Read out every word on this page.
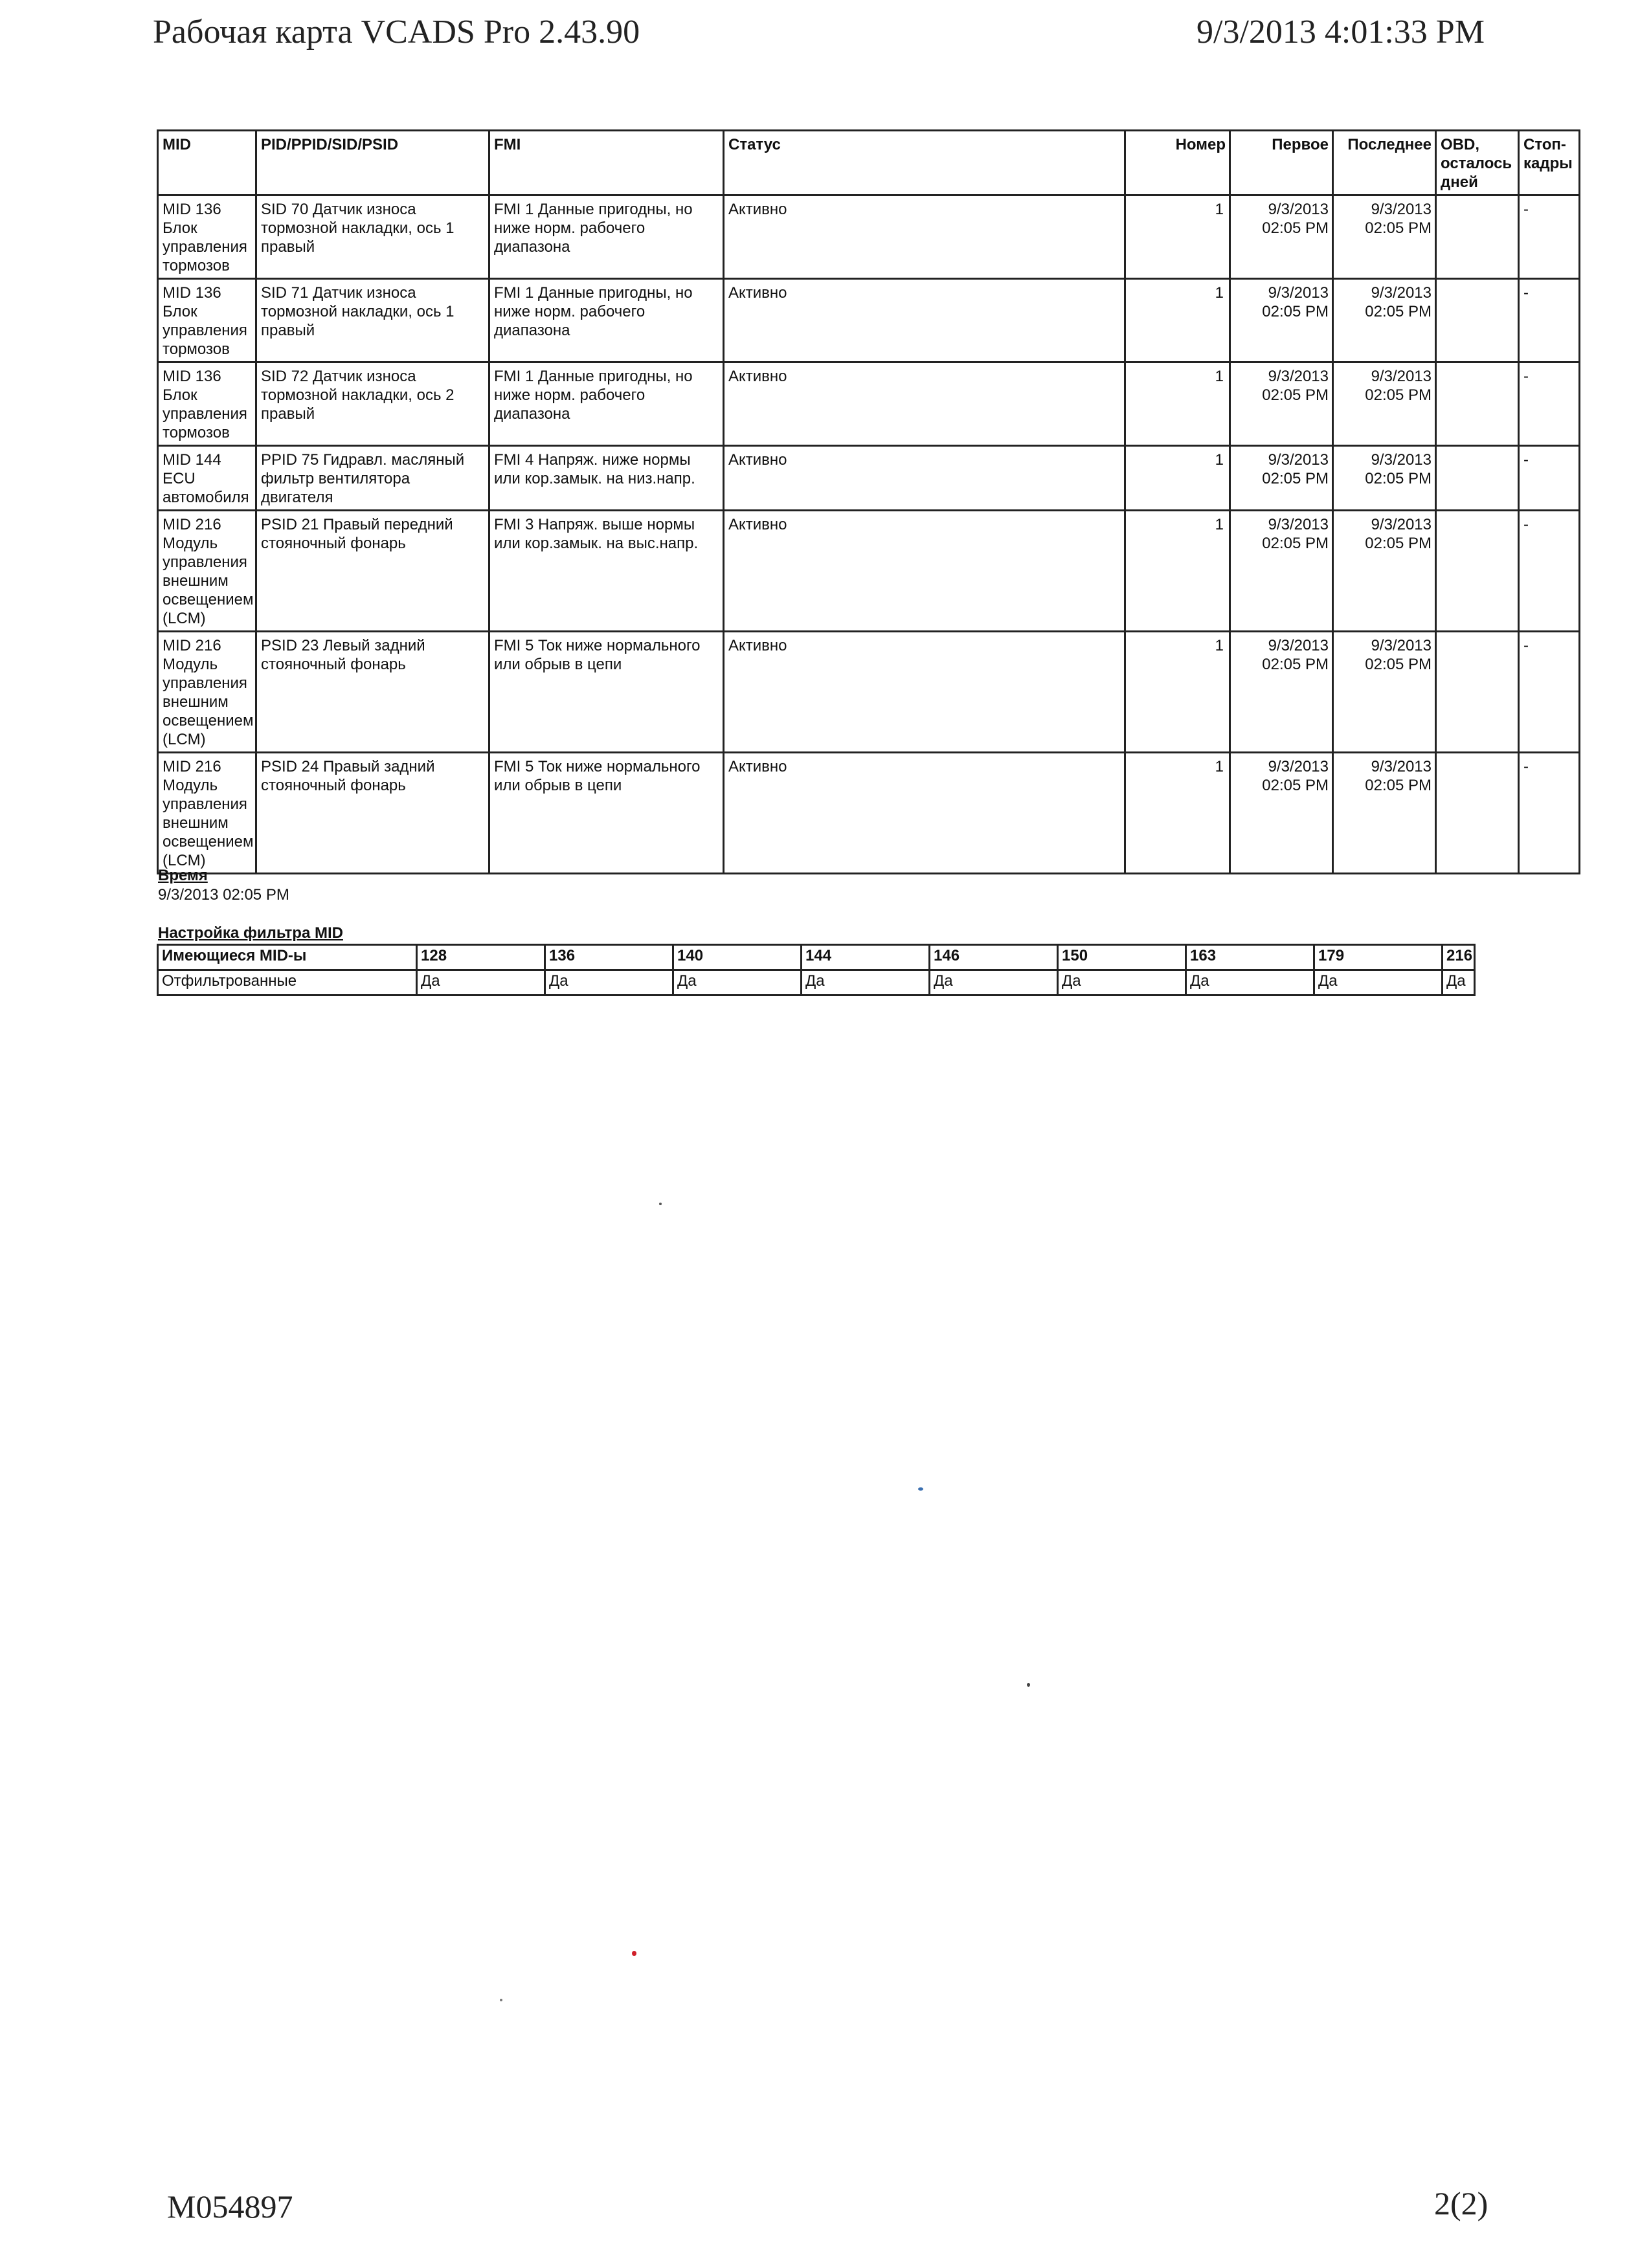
Рабочая карта VCADS Pro 2.43.90	9/3/2013 4:01:33 PM
MID	PID/PPID/SID/PSID	FMI	Статус	Номер	Первое	Последнее	OBD, осталось дней	Стоп-кадры
MID 136 Блок управления тормозов	SID 70 Датчик износа тормозной накладки, ось 1 правый	FMI 1 Данные пригодны, но ниже норм. рабочего диапазона	Активно	1	9/3/2013 02:05 PM	9/3/2013 02:05 PM		-
MID 136 Блок управления тормозов	SID 71 Датчик износа тормозной накладки, ось 1 правый	FMI 1 Данные пригодны, но ниже норм. рабочего диапазона	Активно	1	9/3/2013 02:05 PM	9/3/2013 02:05 PM		-
MID 136 Блок управления тормозов	SID 72 Датчик износа тормозной накладки, ось 2 правый	FMI 1 Данные пригодны, но ниже норм. рабочего диапазона	Активно	1	9/3/2013 02:05 PM	9/3/2013 02:05 PM		-
MID 144 ECU автомобиля	PPID 75 Гидравл. масляный фильтр вентилятора двигателя	FMI 4 Напряж. ниже нормы или кор.замык. на низ.напр.	Активно	1	9/3/2013 02:05 PM	9/3/2013 02:05 PM		-
MID 216 Модуль управления внешним освещением (LCM)	PSID 21 Правый передний стояночный фонарь	FMI 3 Напряж. выше нормы или кор.замык. на выс.напр.	Активно	1	9/3/2013 02:05 PM	9/3/2013 02:05 PM		-
MID 216 Модуль управления внешним освещением (LCM)	PSID 23 Левый задний стояночный фонарь	FMI 5 Ток ниже нормального или обрыв в цепи	Активно	1	9/3/2013 02:05 PM	9/3/2013 02:05 PM		-
MID 216 Модуль управления внешним освещением (LCM)	PSID 24 Правый задний стояночный фонарь	FMI 5 Ток ниже нормального или обрыв в цепи	Активно	1	9/3/2013 02:05 PM	9/3/2013 02:05 PM		-
Время
9/3/2013 02:05 PM
Настройка фильтра MID
Имеющиеся MID-ы	128	136	140	144	146	150	163	179	216
Отфильтрованные	Да	Да	Да	Да	Да	Да	Да	Да	Да
M054897	2(2)
